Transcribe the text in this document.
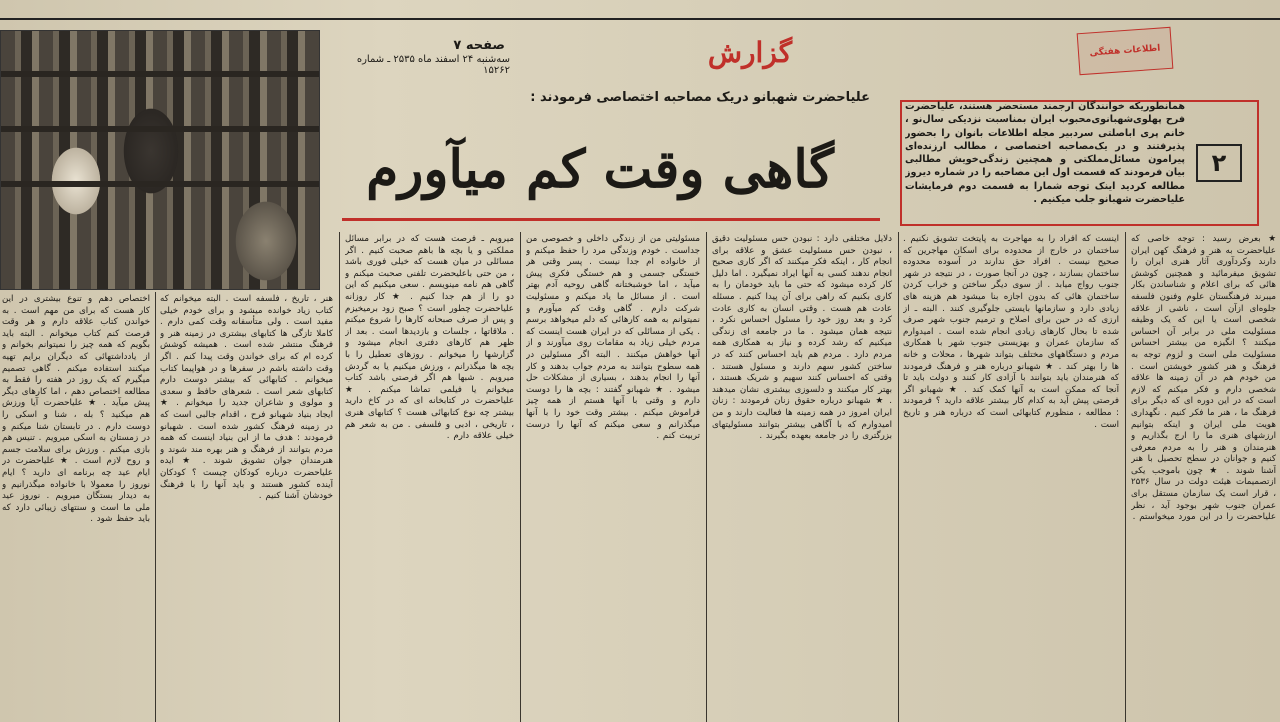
صفحه ۷
سه‌شنبه ۲۴ اسفند ماه ۲۵۳۵ ـ شماره ۱۵۲۶۲
گزارش	اطلاعات هفتگی
علیاحضرت شهبانو دریک مصاحبه اختصاصی فرمودند :
گاهی وقت کم میآورم
همانطوریکه خوانندگان ارجمند مستحضر هستند، علیاحضرت فرح پهلوی‌شهبانوی‌محبوب ایران بمناسبت نزدیکی سال‌نو ، خانم پری اباصلتی سردبیر مجله اطلاعات بانوان را بحضور پذیرفتند و در یک‌مصاحبه اختصاصی ، مطالب ارزنده‌ای پیرامون مسائل‌مملکتی و همچنین زندگی‌خویش مطالبی بیان فرمودند که قسمت اول این مصاحبه را در شماره دیروز مطالعه کردید اینک توجه شمارا به قسمت دوم فرمایشات علیاحضرت شهبانو جلب میکنیم .
۲
★ بعرض رسید : توجه خاصی که علیاحضرت به هنر و فرهنگ کهن ایران دارند وکردآوری آثار هنری ایران را تشویق میفرمائید و همچنین کوشش هائی که برای اعلام و شناساندن بکار میبرند فرهنگستان علوم وفنون فلسفه جلوه‌ای ازآن است ، ناشی از علاقه شخصی است یا این که یک وظیفه مسئولیت ملی در برابر آن احساس میکنند ؟ انگیزه من بیشتر احساس مسئولیت ملی است و لزوم توجه به فرهنگ و هنر کشور خویشتن است . من خودم هم در آن زمینه ها علاقه شخصی دارم و فکر میکنم که لازم است که در این دوره ای که دیگر برای فرهنگ ما ، هنر ما فکر کنیم . نگهداری هویت ملی ایران و اینکه بتوانیم ارزشهای هنری ما را ارج بگذاریم و هنرمندان و هنر را به مردم معرفی کنیم و جوانان در سطح تحصیل با هنر آشنا شوند . ★ چون باموجب یکی ازتصمیمات هیئت دولت در سال ۲۵۳۶ ، قرار است یک سازمان مستقل برای عمران جنوب شهر بوجود آید ، نظر علیاحضرت را در این مورد میخواستم .
اینست که افراد را به مهاجرت به پایتخت تشویق نکنیم . ساختمان در خارج از محدوده برای اسکان مهاجرین که صحیح نیست . افراد حق ندارند در آسوده محدوده ساختمان بسازند ، چون در آنجا صورت ، در نتیجه در شهر جنوب رواج میابد . از سوی دیگر ساختن و خراب کردن ساختمان هائی که بدون اجازه بنا میشود هم هزینه های زیادی دارد و سازمانها بایستی جلوگیری کنند . البته ـ از ارزی که در حین برای اصلاح و ترمیم جنوب شهر صرف شده تا بحال کارهای زیادی انجام شده است . امیدوارم که سازمان عمران و بهزیستی جنوب شهر با همکاری مردم و دستگاههای مختلف بتواند شهرها ، محلات و خانه ها را بهتر کند . ★ شهبانو درباره هنر و فرهنگ فرمودند که هنرمندان باید بتوانند با آزادی کار کنند و دولت باید تا آنجا که ممکن است به آنها کمک کند . ★ شهبانو اگر فرصتی پیش آید به کدام کار بیشتر علاقه دارید ؟ فرمودند : مطالعه ، منظورم کتابهائی است که درباره هنر و تاریخ است .
دلایل مختلفی دارد : نبودن حس مسئولیت دقیق ، نبودن حس مسئولیت عشق و علاقه برای انجام کار ، اینکه فکر میکنند که اگر کاری صحیح انجام ندهند کسی به آنها ایراد نمیگیرد . اما دلیل کار کرده میشود که حتی ما باید خودمان را به کاری بکنیم که راهی برای آن پیدا کنیم . مسئله عادت هم هست . وقتی انسان به کاری عادت کرد و بعد روز خود را مسئول احساس نکرد ، نتیجه همان میشود . ما در جامعه ای زندگی میکنیم که رشد کرده و نیاز به همکاری همه مردم دارد . مردم هم باید احساس کنند که در ساختن کشور سهم دارند و مسئول هستند . وقتی که احساس کنند سهیم و شریک هستند ، بهتر کار میکنند و دلسوزی بیشتری نشان میدهند . ★ شهبانو درباره حقوق زنان فرمودند : زنان ایران امروز در همه زمینه ها فعالیت دارند و من امیدوارم که با آگاهی بیشتر بتوانند مسئولیتهای بزرگتری را در جامعه بعهده بگیرند .
مسئولیتی من از زندگی داخلی و خصوصی من جداست . خودم وزندگی مرد را حفظ میکنم و از خانواده ام جدا نیست . پسر وقتی هر خستگی جسمی و هم خستگی فکری پیش میآید ، اما خوشبختانه گاهی روحیه آدم بهتر است . از مسائل ما یاد میکنم و مسئولیت شرکت دارم . گاهی وقت کم میآورم و نمیتوانم به همه کارهائی که دلم میخواهد برسم . یکی از مسائلی که در ایران هست اینست که مردم خیلی زیاد به مقامات روی میآورند و از آنها خواهش میکنند . البته اگر مسئولین در همه سطوح بتوانند به مردم جواب بدهند و کار آنها را انجام بدهند ، بسیاری از مشکلات حل میشود . ★ شهبانو گفتند : بچه ها را دوست دارم و وقتی با آنها هستم از همه چیز فراموش میکنم . بیشتر وقت خود را با آنها میگذرانم و سعی میکنم که آنها را درست تربیت کنم .
میرویم ـ فرصت هست که در برابر مسائل مملکتی و یا بچه ها باهم صحبت کنیم . اگر مسائلی در میان هست که خیلی فوری باشد ، من حتی باعلیحضرت تلفنی صحبت میکنم و گاهی هم نامه مینویسم . سعی میکنیم که این دو را از هم جدا کنیم . ★ کار روزانه علیاحضرت چطور است ؟ صبح زود برمیخیزم و پس از صرف صبحانه کارها را شروع میکنم . ملاقاتها ، جلسات و بازدیدها است . بعد از ظهر هم کارهای دفتری انجام میشود و گزارشها را میخوانم . روزهای تعطیل را با بچه ها میگذرانم ، ورزش میکنیم یا به گردش میرویم . شبها هم اگر فرصتی باشد کتاب میخوانم یا فیلمی تماشا میکنم . ★ علیاحضرت در کتابخانه ای که در کاخ دارید بیشتر چه نوع کتابهائی هست ؟ کتابهای هنری ، تاریخی ، ادبی و فلسفی . من به شعر هم خیلی علاقه دارم .
هنر ، تاریخ ، فلسفه است . البته میخوانم که کتاب زیاد خوانده میشود و برای خودم خیلی مفید است . ولی متأسفانه وقت کمی دارم . کاملا تازگی ها کتابهای بیشتری در زمینه هنر و فرهنگ منتشر شده است . همیشه کوشش کرده ام که برای خواندن وقت پیدا کنم . اگر وقت داشته باشم در سفرها و در هواپیما کتاب میخوانم . کتابهائی که بیشتر دوست دارم کتابهای شعر است . شعرهای حافظ و سعدی و مولوی و شاعران جدید را میخوانم . ★ ایجاد بنیاد شهبانو فرح ، اقدام جالبی است که در زمینه فرهنگ کشور شده است . شهبانو فرمودند : هدف ما از این بنیاد اینست که همه مردم بتوانند از فرهنگ و هنر بهره مند شوند و هنرمندان جوان تشویق شوند . ★ ایده علیاحضرت درباره کودکان چیست ؟ کودکان آینده کشور هستند و باید آنها را با فرهنگ خودشان آشنا کنیم .
اختصاص دهم و تنوع بیشتری در این کار هست که برای من مهم است . به خواندن کتاب علاقه دارم و هر وقت فرصت کنم کتاب میخوانم . البته باید بگویم که همه چیز را نمیتوانم بخوانم و از یادداشتهائی که دیگران برایم تهیه میکنند استفاده میکنم . گاهی تصمیم میگیرم که یک روز در هفته را فقط به مطالعه اختصاص دهم ، اما کارهای دیگر پیش میآید . ★ علیاحضرت آیا ورزش هم میکنید ؟ بله ، شنا و اسکی را دوست دارم . در تابستان شنا میکنم و در زمستان به اسکی میرویم . تنیس هم بازی میکنم . ورزش برای سلامت جسم و روح لازم است . ★ علیاحضرت در ایام عید چه برنامه ای دارید ؟ ایام نوروز را معمولا با خانواده میگذرانیم و به دیدار بستگان میرویم . نوروز عید ملی ما است و سنتهای زیبائی دارد که باید حفظ شود .
